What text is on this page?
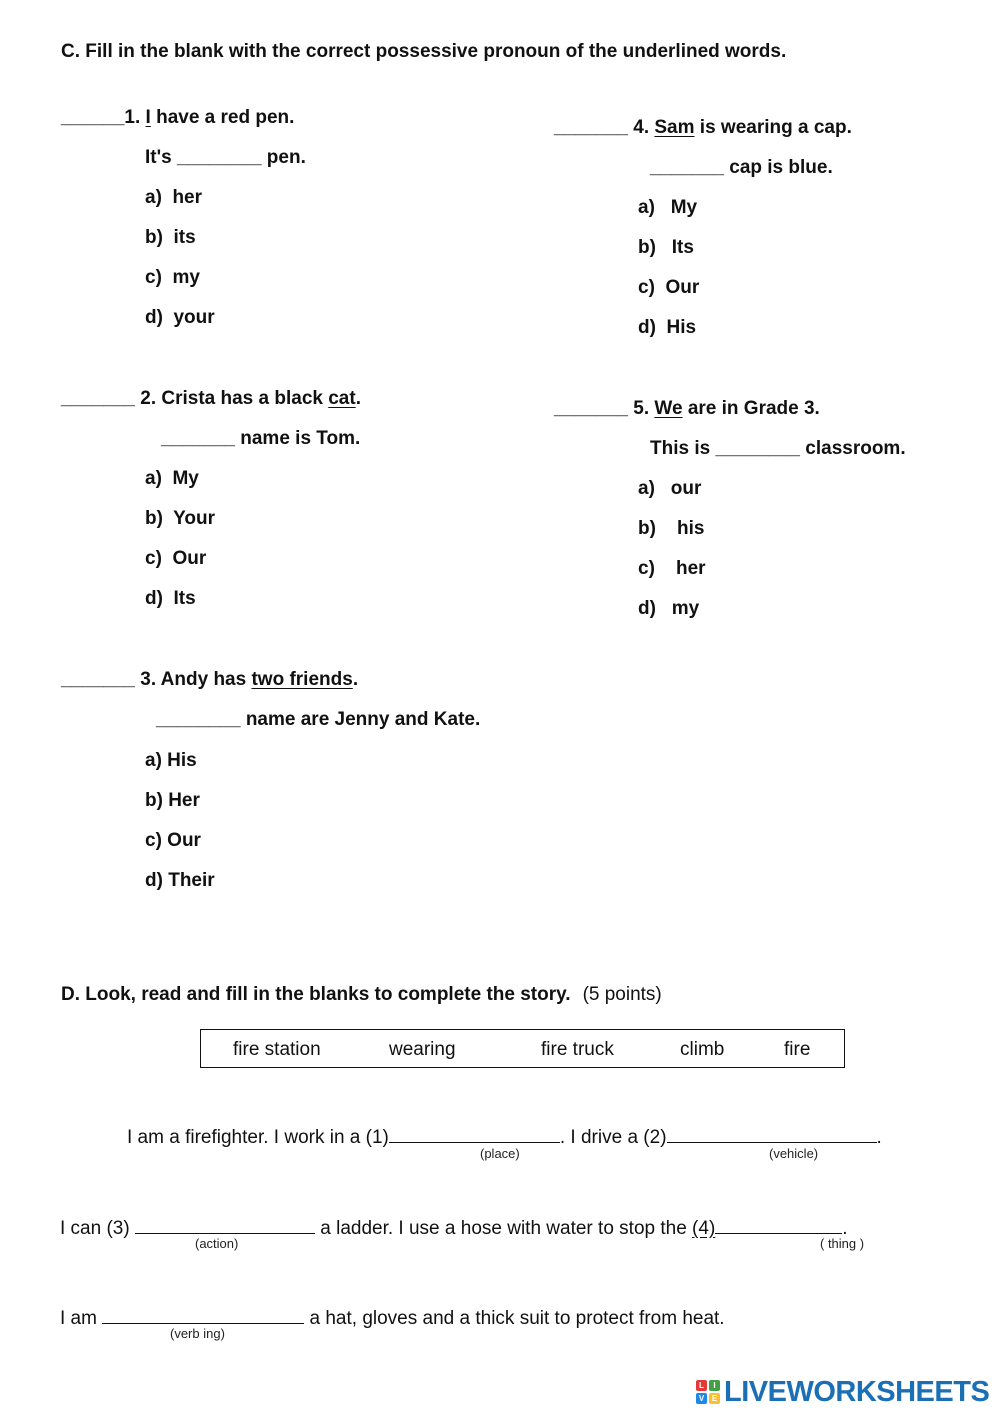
C. Fill in the blank with the correct possessive pronoun of the underlined words.
______1. I have a red pen.
It's ________ pen.
a)  her
b)  its
c)  my
d)  your
_______ 2. Crista has a black cat.
_______ name is Tom.
a)  My
b)  Your
c)  Our
d)  Its
_______ 3. Andy has two friends.
________ name are Jenny and Kate.
a) His
b) Her
c) Our
d) Their
_______ 4. Sam is wearing a cap.
_______ cap is blue.
a)   My
b)   Its
c)  Our
d)  His
_______ 5. We are in Grade 3.
This is ________ classroom.
a)   our
b)    his
c)    her
d)   my
D. Look, read and fill in the blanks to complete the story. (5 points)
fire station	wearing	fire truck	climb	fire
I am a firefighter. I work in a (1)	. I drive a (2)	.
(place)	(vehicle)
I can (3)	a ladder. I use a hose with water to stop the (4)	.
(action)	( thing )
I am	a hat, gloves and a thick suit to protect from heat.
(verb ing)
L	I
V E LIVEWORKSHEETS
